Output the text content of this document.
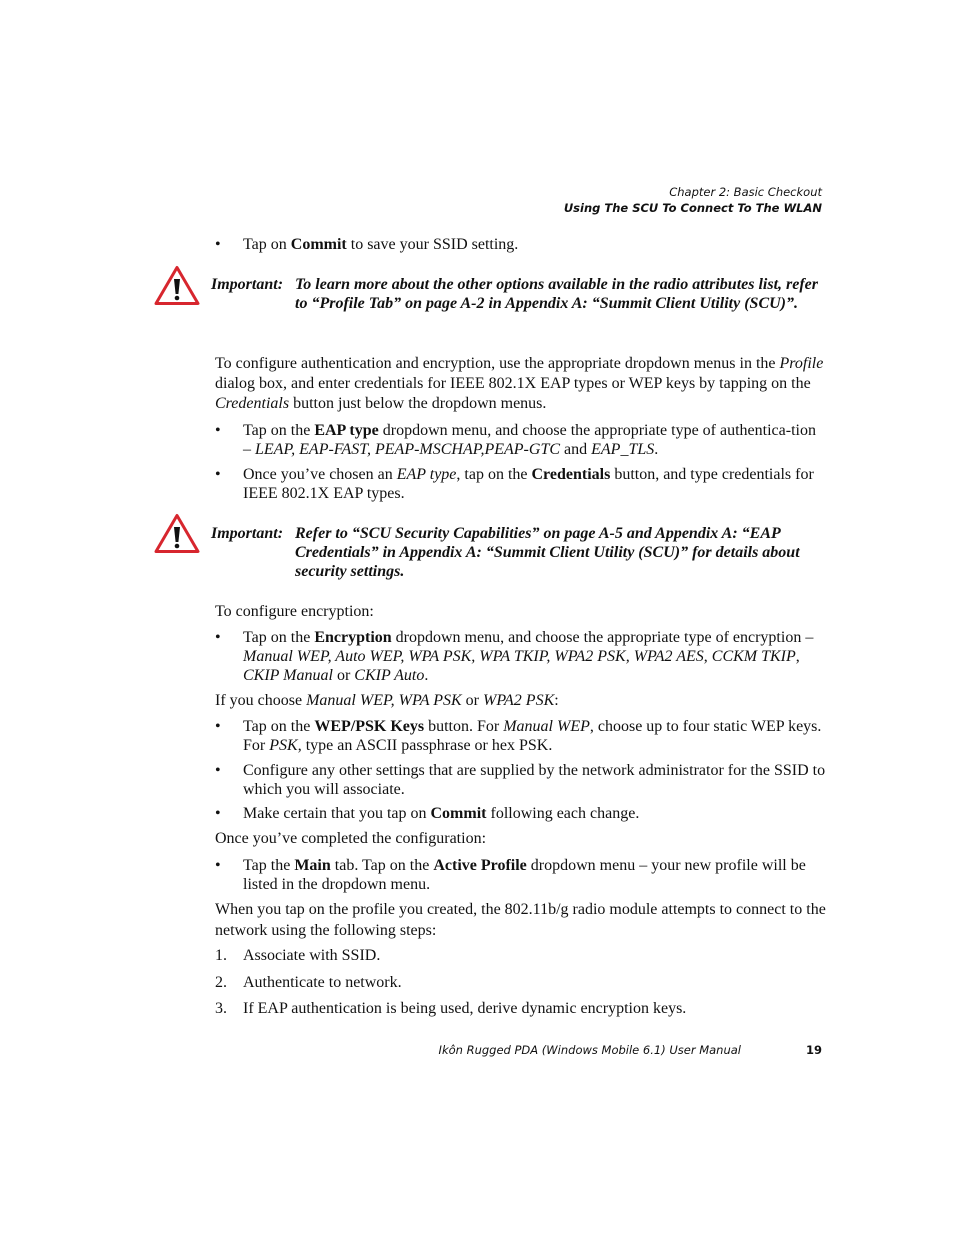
Chapter 2: Basic Checkout
Using The SCU To Connect To The WLAN
• Tap on Commit to save your SSID setting.
Important: To learn more about the other options available in the radio attributes list, refer to “Profile Tab” on page A-2 in Appendix A: “Summit Client Utility (SCU)”.
To configure authentication and encryption, use the appropriate dropdown menus in the Profile dialog box, and enter credentials for IEEE 802.1X EAP types or WEP keys by tapping on the Credentials button just below the dropdown menus.
• Tap on the EAP type dropdown menu, and choose the appropriate type of authentica-tion – LEAP, EAP-FAST, PEAP-MSCHAP,PEAP-GTC and EAP_TLS.
• Once you’ve chosen an EAP type, tap on the Credentials button, and type credentials for IEEE 802.1X EAP types.
Important: Refer to “SCU Security Capabilities” on page A-5 and Appendix A: “EAP Credentials” in Appendix A: “Summit Client Utility (SCU)” for details about security settings.
To configure encryption:
• Tap on the Encryption dropdown menu, and choose the appropriate type of encryption – Manual WEP, Auto WEP, WPA PSK, WPA TKIP, WPA2 PSK, WPA2 AES, CCKM TKIP, CKIP Manual or CKIP Auto.
If you choose Manual WEP, WPA PSK or WPA2 PSK:
• Tap on the WEP/PSK Keys button. For Manual WEP, choose up to four static WEP keys. For PSK, type an ASCII passphrase or hex PSK.
• Configure any other settings that are supplied by the network administrator for the SSID to which you will associate.
• Make certain that you tap on Commit following each change.
Once you’ve completed the configuration:
• Tap the Main tab. Tap on the Active Profile dropdown menu – your new profile will be listed in the dropdown menu.
When you tap on the profile you created, the 802.11b/g radio module attempts to connect to the network using the following steps:
1. Associate with SSID.
2. Authenticate to network.
3. If EAP authentication is being used, derive dynamic encryption keys.
Ikôn Rugged PDA (Windows Mobile 6.1) User Manual	19
